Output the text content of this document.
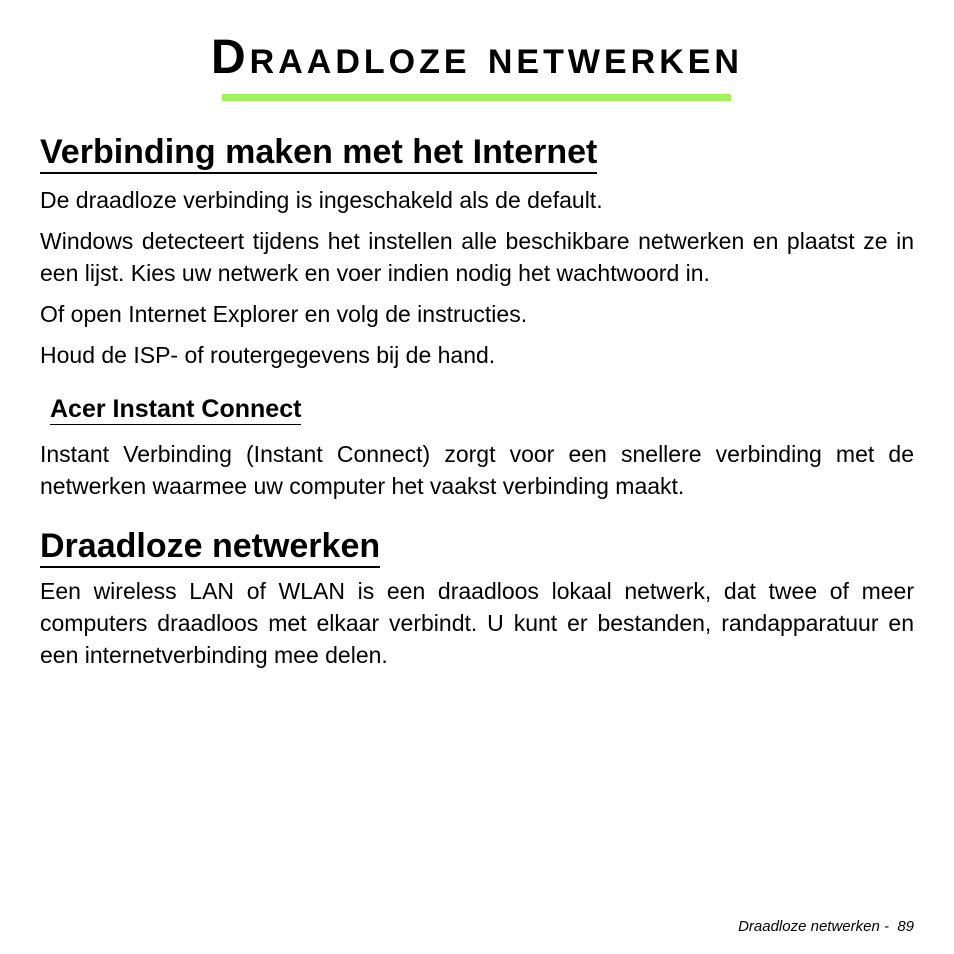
Draadloze netwerken
Verbinding maken met het Internet

De draadloze verbinding is ingeschakeld als de default.

Windows detecteert tijdens het instellen alle beschikbare netwerken en plaatst ze in een lijst. Kies uw netwerk en voer indien nodig het wachtwoord in.

Of open Internet Explorer en volg de instructies.

Houd de ISP- of routergegevens bij de hand.

Acer Instant Connect

Instant Verbinding (Instant Connect) zorgt voor een snellere verbinding met de netwerken waarmee uw computer het vaakst verbinding maakt.

Draadloze netwerken

Een wireless LAN of WLAN is een draadloos lokaal netwerk, dat twee of meer computers draadloos met elkaar verbindt. U kunt er bestanden, randapparatuur en een internetverbinding mee delen.

Draadloze netwerken -  89
